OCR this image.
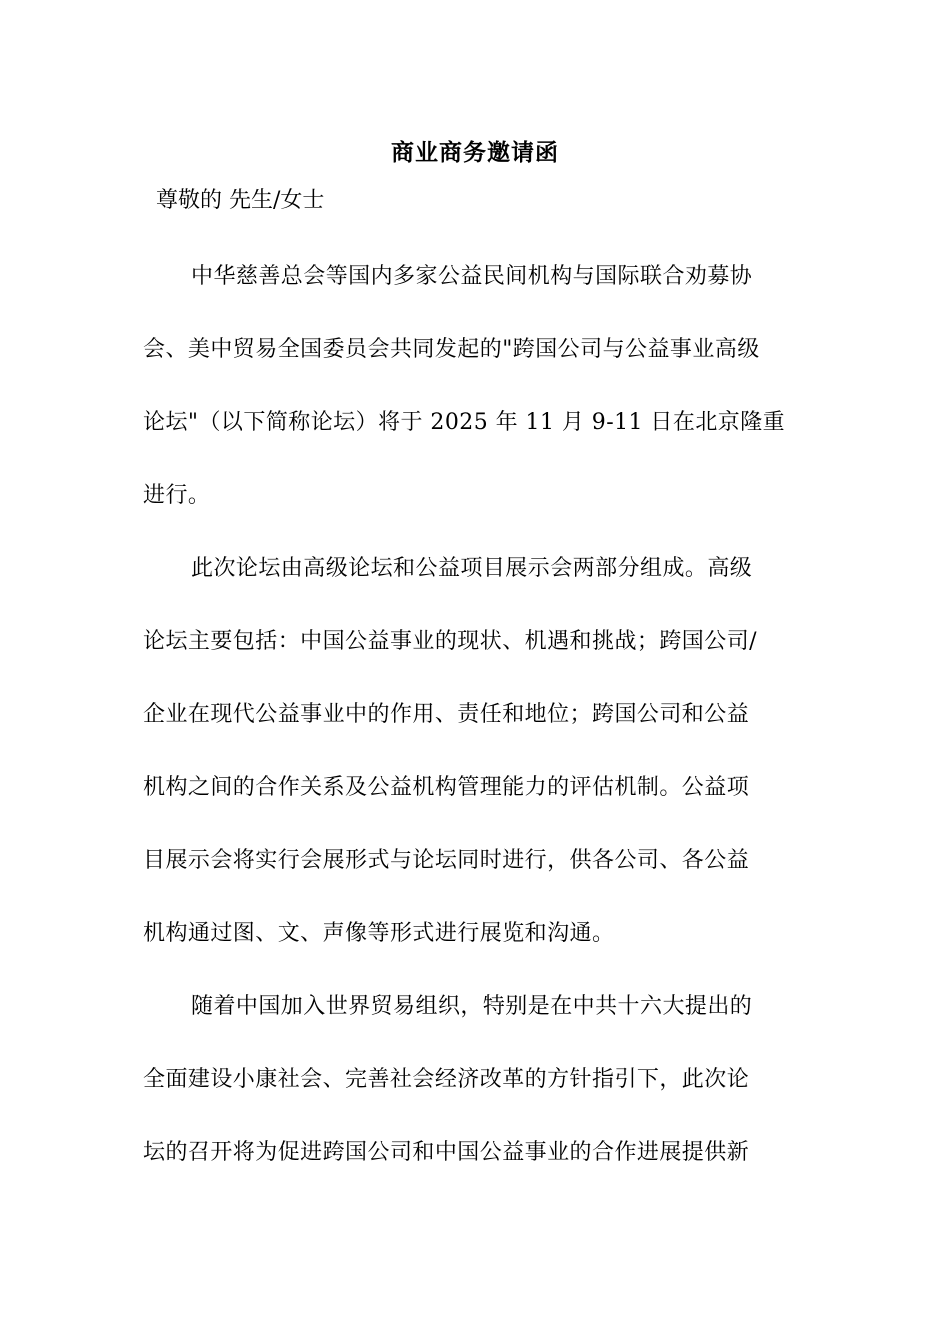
商业商务邀请函
尊敬的 先生/女士
中华慈善总会等国内多家公益民间机构与国际联合劝募协
会、美中贸易全国委员会共同发起的"跨国公司与公益事业高级
论坛"（以下简称论坛）将于 2025 年 11 月 9-11 日在北京隆重
进行。
此次论坛由高级论坛和公益项目展示会两部分组成。高级
论坛主要包括：中国公益事业的现状、机遇和挑战；跨国公司/
企业在现代公益事业中的作用、责任和地位；跨国公司和公益
机构之间的合作关系及公益机构管理能力的评估机制。公益项
目展示会将实行会展形式与论坛同时进行，供各公司、各公益
机构通过图、文、声像等形式进行展览和沟通。
随着中国加入世界贸易组织，特别是在中共十六大提出的
全面建设小康社会、完善社会经济改革的方针指引下，此次论
坛的召开将为促进跨国公司和中国公益事业的合作进展提供新
